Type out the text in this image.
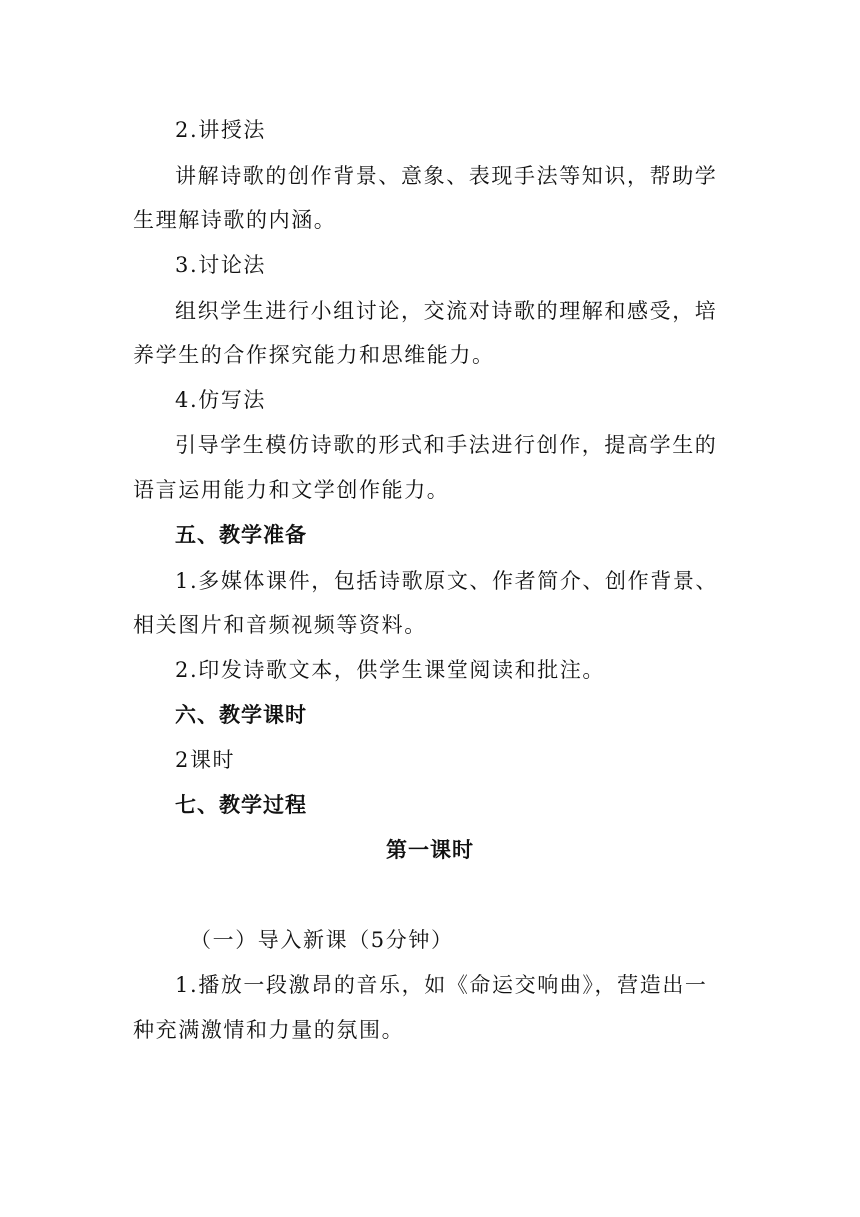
2.讲授法
讲解诗歌的创作背景、意象、表现手法等知识，帮助学
生理解诗歌的内涵。
3.讨论法
组织学生进行小组讨论，交流对诗歌的理解和感受，培
养学生的合作探究能力和思维能力。
4.仿写法
引导学生模仿诗歌的形式和手法进行创作，提高学生的
语言运用能力和文学创作能力。
五、教学准备
1.多媒体课件，包括诗歌原文、作者简介、创作背景、
相关图片和音频视频等资料。
2.印发诗歌文本，供学生课堂阅读和批注。
六、教学课时
2课时
七、教学过程
第一课时
（一）导入新课（5分钟）
1.播放一段激昂的音乐，如《命运交响曲》，营造出一
种充满激情和力量的氛围。
